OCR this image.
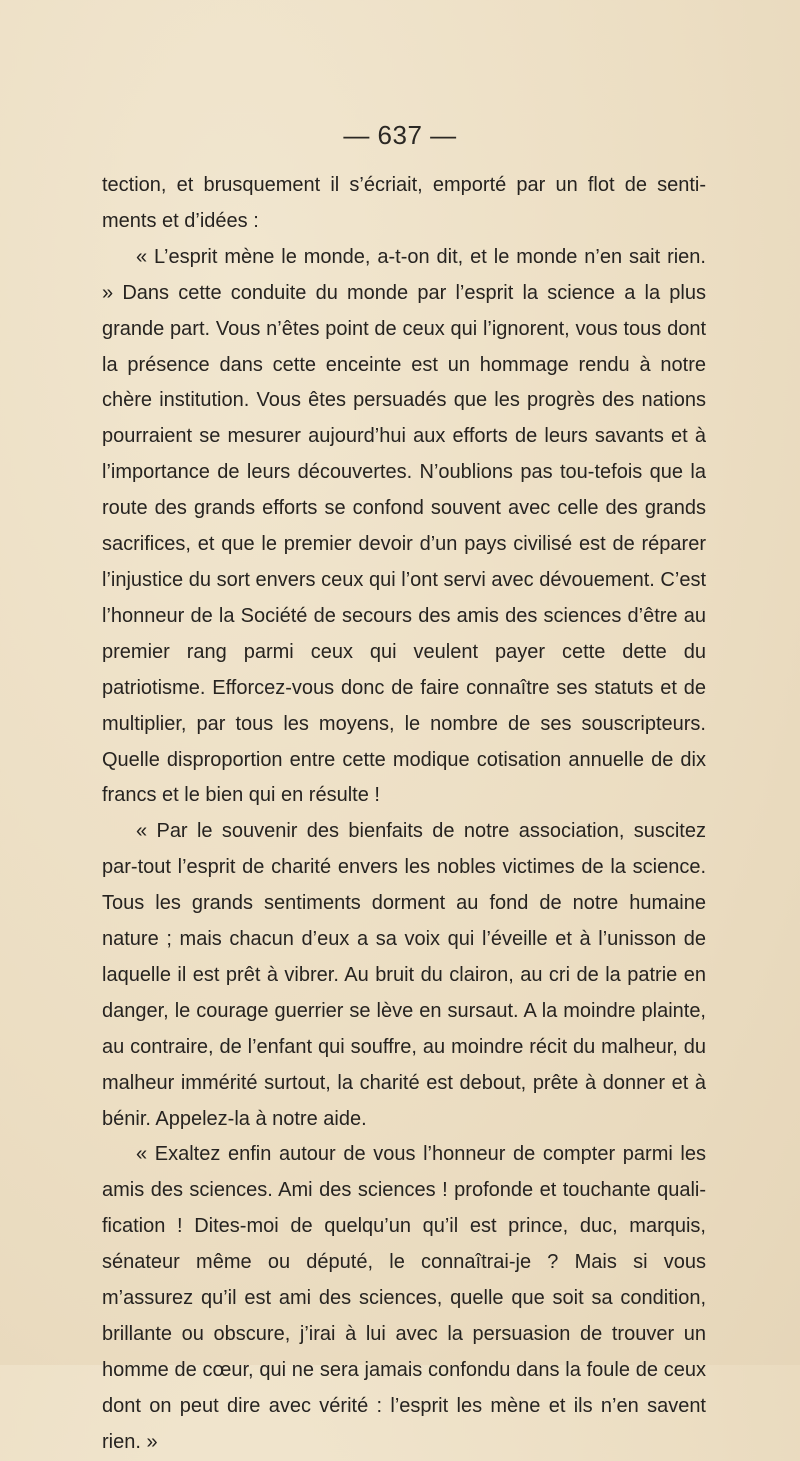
— 637 —

tection, et brusquement il s’écriait, emporté par un flot de senti-ments et d’idées :

« L’esprit mène le monde, a-t-on dit, et le monde n’en sait rien. » Dans cette conduite du monde par l’esprit la science a la plus grande part. Vous n’êtes point de ceux qui l’ignorent, vous tous dont la présence dans cette enceinte est un hommage rendu à notre chère institution. Vous êtes persuadés que les progrès des nations pourraient se mesurer aujourd’hui aux efforts de leurs savants et à l’importance de leurs découvertes. N’oublions pas tou-tefois que la route des grands efforts se confond souvent avec celle des grands sacrifices, et que le premier devoir d’un pays civilisé est de réparer l’injustice du sort envers ceux qui l’ont servi avec dévouement. C’est l’honneur de la Société de secours des amis des sciences d’être au premier rang parmi ceux qui veulent payer cette dette du patriotisme. Efforcez-vous donc de faire connaître ses statuts et de multiplier, par tous les moyens, le nombre de ses souscripteurs. Quelle disproportion entre cette modique cotisation annuelle de dix francs et le bien qui en résulte !

« Par le souvenir des bienfaits de notre association, suscitez par-tout l’esprit de charité envers les nobles victimes de la science. Tous les grands sentiments dorment au fond de notre humaine nature ; mais chacun d’eux a sa voix qui l’éveille et à l’unisson de laquelle il est prêt à vibrer. Au bruit du clairon, au cri de la patrie en danger, le courage guerrier se lève en sursaut. A la moindre plainte, au contraire, de l’enfant qui souffre, au moindre récit du malheur, du malheur immérité surtout, la charité est debout, prête à donner et à bénir. Appelez-la à notre aide.

« Exaltez enfin autour de vous l’honneur de compter parmi les amis des sciences. Ami des sciences ! profonde et touchante quali-fication ! Dites-moi de quelqu’un qu’il est prince, duc, marquis, sénateur même ou député, le connaîtrai-je ? Mais si vous m’assurez qu’il est ami des sciences, quelle que soit sa condition, brillante ou obscure, j’irai à lui avec la persuasion de trouver un homme de cœur, qui ne sera jamais confondu dans la foule de ceux dont on peut dire avec vérité : l’esprit les mène et ils n’en savent rien. »
